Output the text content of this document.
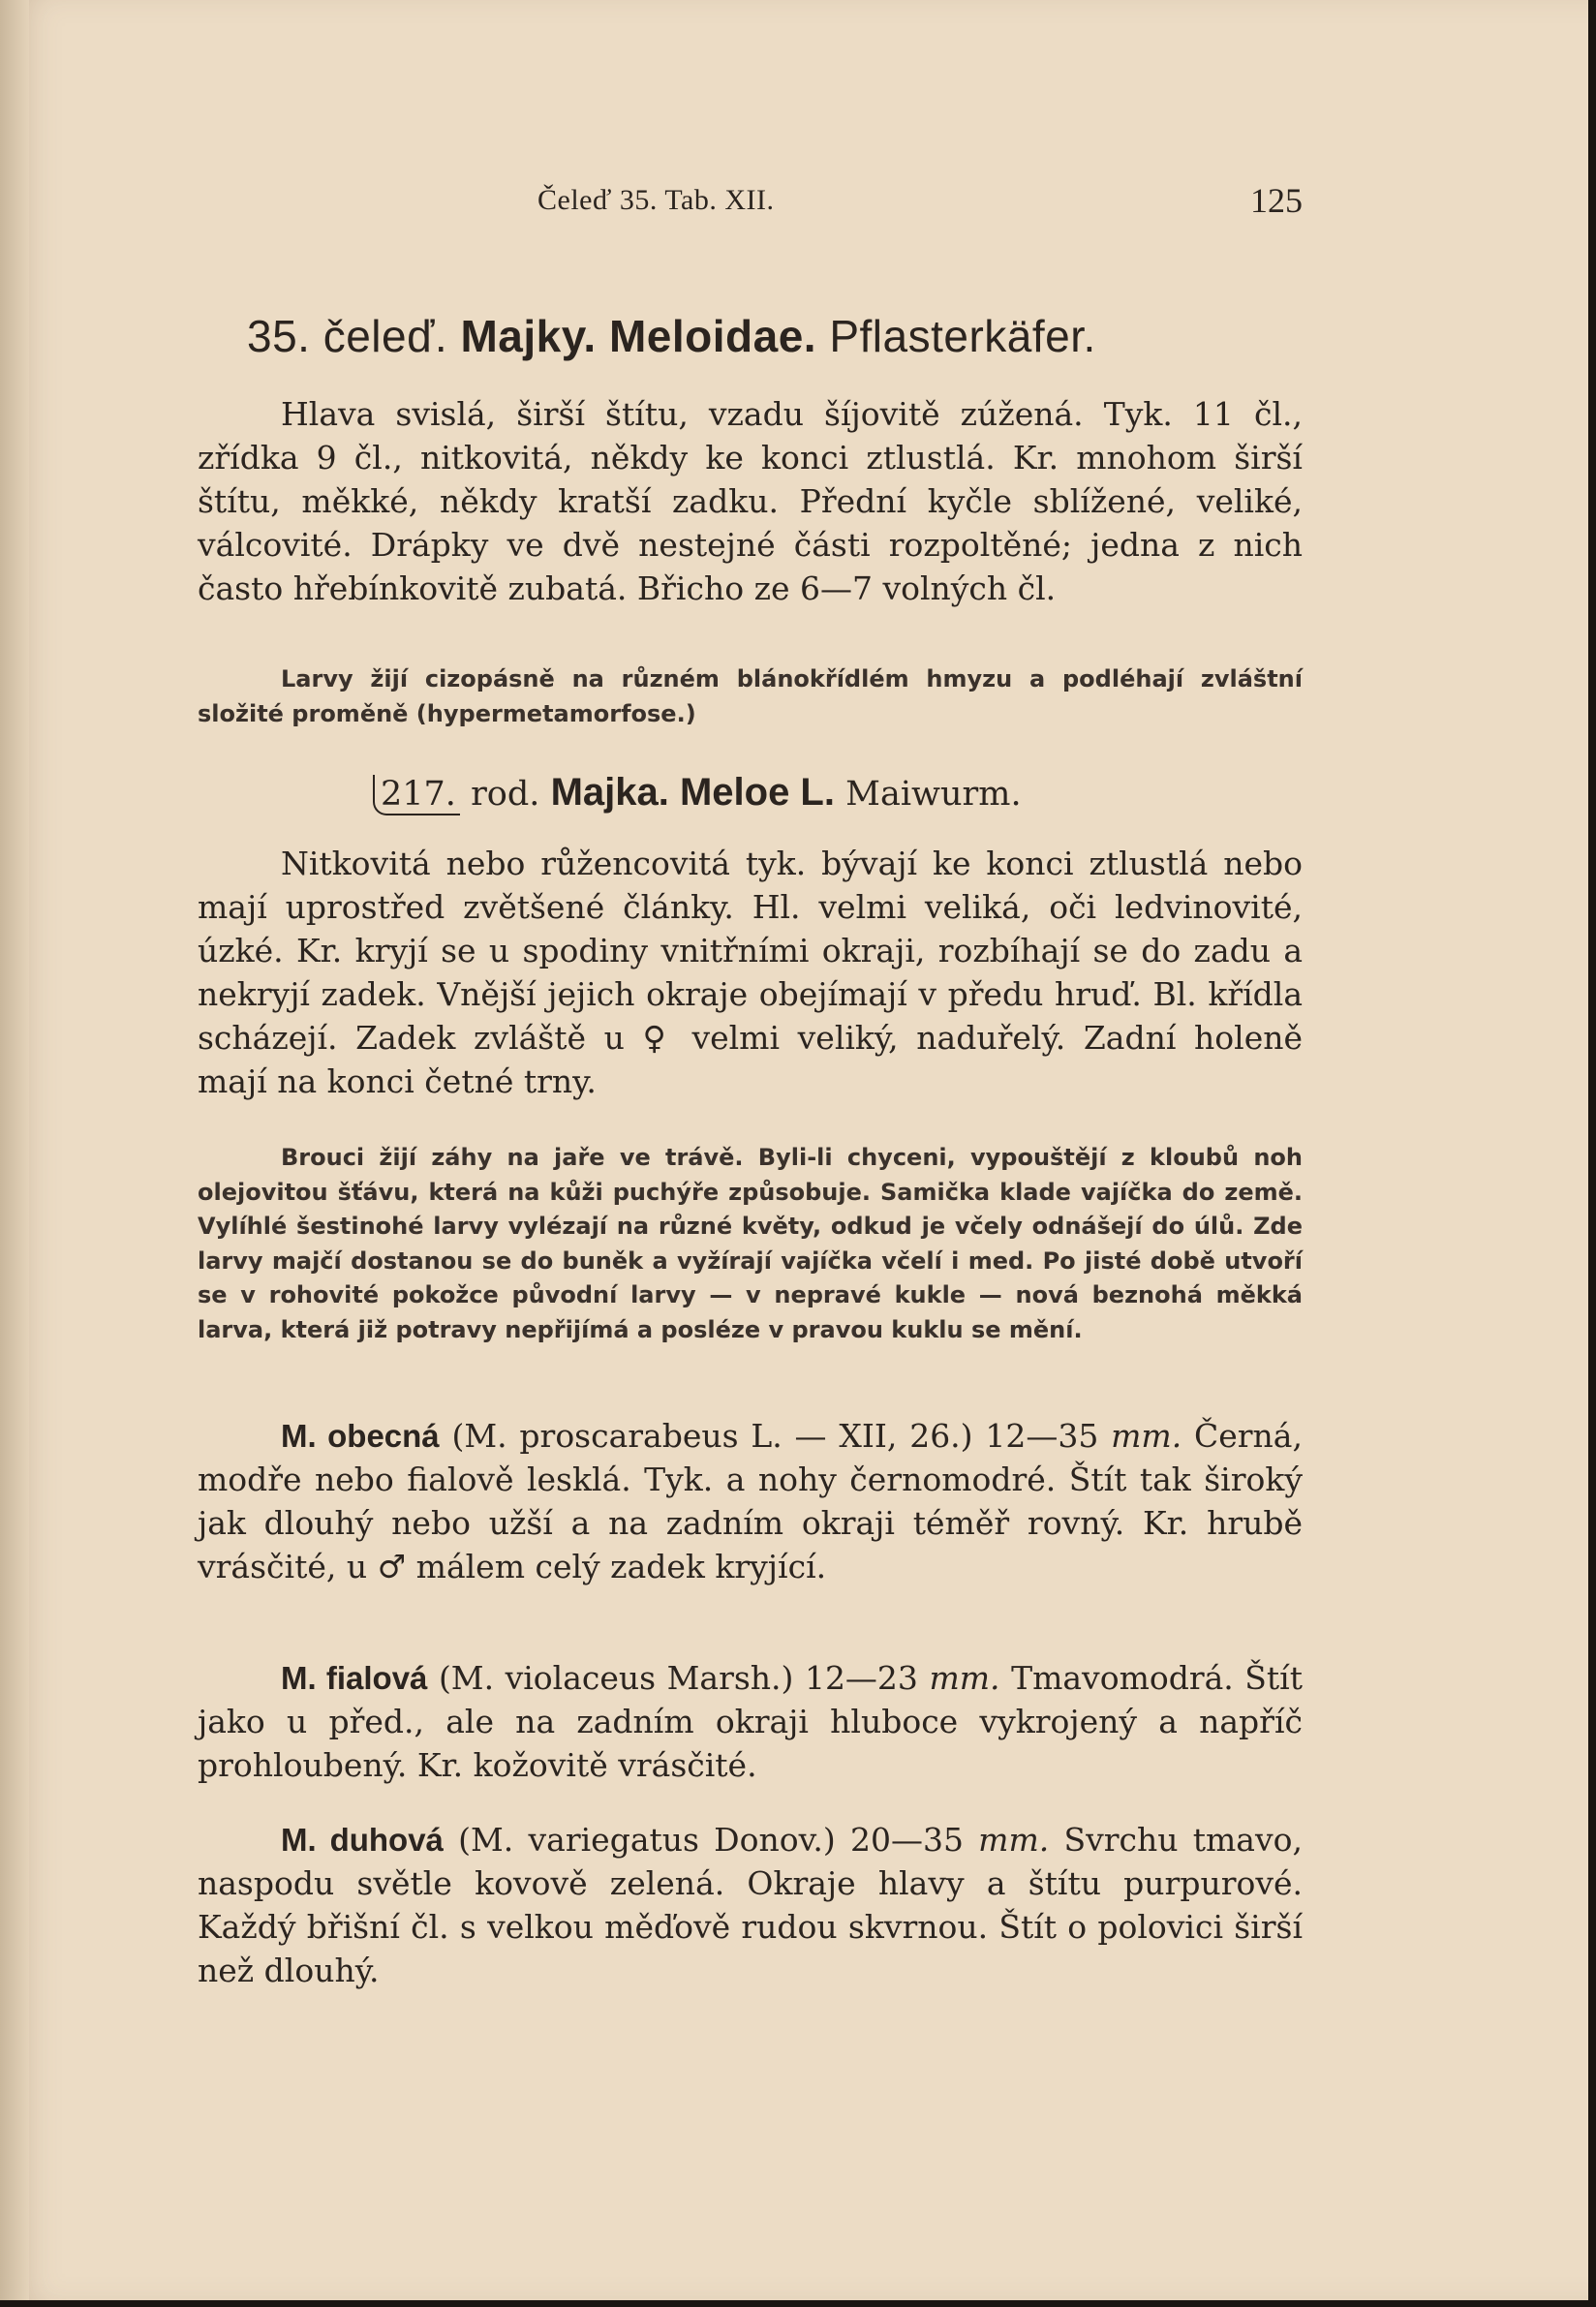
Čeleď 35. Tab. XII.	125
35. čeleď. Majky. Meloidae. Pflasterkäfer.
Hlava svislá, širší štítu, vzadu šíjovitě zúžená. Tyk. 11 čl., zřídka 9 čl., nitkovitá, někdy ke konci ztlustlá. Kr. mnohom širší štítu, měkké, někdy kratší zadku. Přední kyčle sblížené, veliké, válcovité. Drápky ve dvě nestejné části rozpoltěné; jedna z nich často hřebínkovitě zubatá. Břicho ze 6—7 volných čl.
Larvy žijí cizopásně na různém blánokřídlém hmyzu a podléhají zvláštní složité proměně (hypermetamorfose.)
217. rod. Majka. Meloe L. Maiwurm.
Nitkovitá nebo růžencovitá tyk. bývají ke konci ztlustlá nebo mají uprostřed zvětšené články. Hl. velmi veliká, oči ledvinovité, úzké. Kr. kryjí se u spodiny vnitřními okraji, rozbíhají se do zadu a nekryjí zadek. Vnější jejich okraje obejímají v předu hruď. Bl. křídla scházejí. Zadek zvláště u ♀ velmi veliký, naduřelý. Zadní holeně mají na konci četné trny.
Brouci žijí záhy na jaře ve trávě. Byli-li chyceni, vypouštějí z kloubů noh olejovitou šťávu, která na kůži puchýře způsobuje. Samička klade vajíčka do země. Vylíhlé šestinohé larvy vylézají na různé květy, odkud je včely odnášejí do úlů. Zde larvy majčí dostanou se do buněk a vyžírají vajíčka včelí i med. Po jisté době utvoří se v rohovité pokožce původní larvy — v nepravé kukle — nová beznohá měkká larva, která již potravy nepřijímá a posléze v pravou kuklu se mění.
M. obecná (M. proscarabeus L. — XII, 26.) 12—35 mm. Černá, modře nebo fialově lesklá. Tyk. a nohy černomodré. Štít tak široký jak dlouhý nebo užší a na zadním okraji téměř rovný. Kr. hrubě vrásčité, u ♂ málem celý zadek kryjící.
M. fialová (M. violaceus Marsh.) 12—23 mm. Tmavomodrá. Štít jako u před., ale na zadním okraji hluboce vykrojený a napříč prohloubený. Kr. kožovitě vrásčité.
M. duhová (M. variegatus Donov.) 20—35 mm. Svrchu tmavo, naspodu světle kovově zelená. Okraje hlavy a štítu purpurové. Každý břišní čl. s velkou měďově rudou skvrnou. Štít o polovici širší než dlouhý.
